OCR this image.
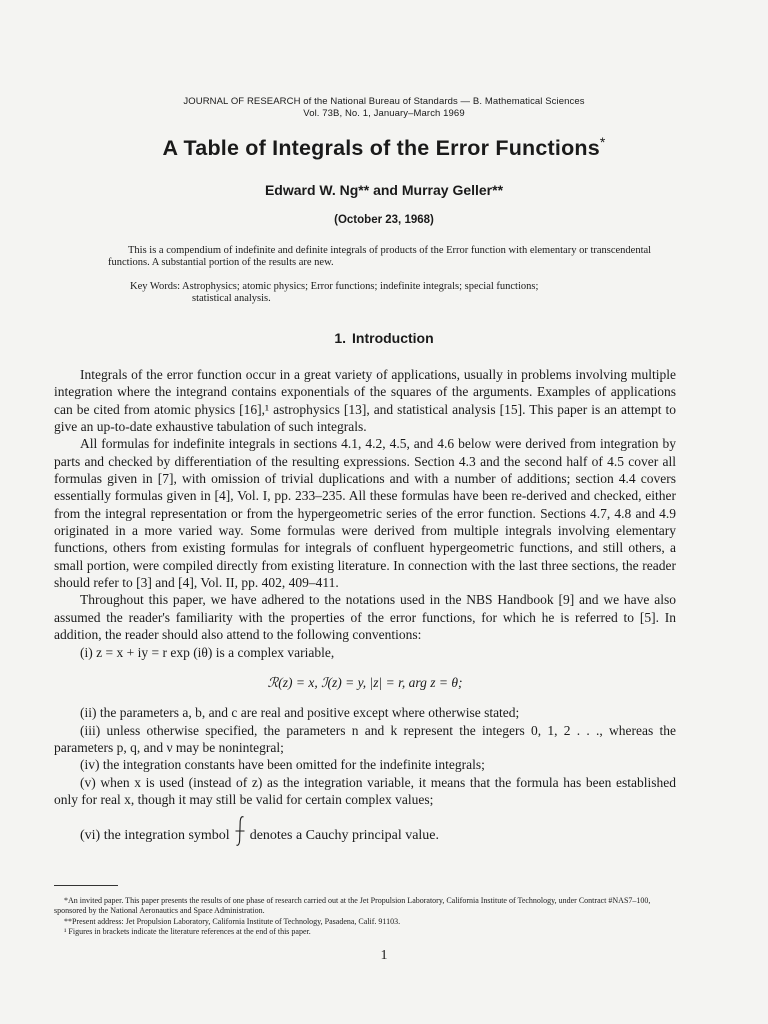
JOURNAL OF RESEARCH of the National Bureau of Standards — B. Mathematical Sciences
Vol. 73B, No. 1, January–March 1969
A Table of Integrals of the Error Functions*
Edward W. Ng** and Murray Geller**
(October 23, 1968)

This is a compendium of indefinite and definite integrals of products of the Error function with elementary or transcendental functions. A substantial portion of the results are new.

Key Words: Astrophysics; atomic physics; Error functions; indefinite integrals; special functions;
statistical analysis.
1. Introduction

Integrals of the error function occur in a great variety of applications, usually in problems involving multiple integration where the integrand contains exponentials of the squares of the arguments. Examples of applications can be cited from atomic physics [16],¹ astrophysics [13], and statistical analysis [15]. This paper is an attempt to give an up-to-date exhaustive tabulation of such integrals.

All formulas for indefinite integrals in sections 4.1, 4.2, 4.5, and 4.6 below were derived from integration by parts and checked by differentiation of the resulting expressions. Section 4.3 and the second half of 4.5 cover all formulas given in [7], with omission of trivial duplications and with a number of additions; section 4.4 covers essentially formulas given in [4], Vol. I, pp. 233–235. All these formulas have been re-derived and checked, either from the integral representation or from the hypergeometric series of the error function. Sections 4.7, 4.8 and 4.9 originated in a more varied way. Some formulas were derived from multiple integrals involving elementary functions, others from existing formulas for integrals of confluent hypergeometric functions, and still others, a small portion, were compiled directly from existing literature. In connection with the last three sections, the reader should refer to [3] and [4], Vol. II, pp. 402, 409–411.

Throughout this paper, we have adhered to the notations used in the NBS Handbook [9] and we have also assumed the reader's familiarity with the properties of the error functions, for which he is referred to [5]. In addition, the reader should also attend to the following conventions:

(i) z = x + iy = r exp (iθ) is a complex variable,

ℛ(z) = x, ℐ(z) = y, |z| = r, arg z = θ;

(ii) the parameters a, b, and c are real and positive except where otherwise stated;

(iii) unless otherwise specified, the parameters n and k represent the integers 0, 1, 2 . . ., whereas the parameters p, q, and ν may be nonintegral;

(iv) the integration constants have been omitted for the indefinite integrals;

(v) when x is used (instead of z) as the integration variable, it means that the formula has been established only for real x, though it may still be valid for certain complex values;

(vi) the integration symbol denotes a Cauchy principal value.

*An invited paper. This paper presents the results of one phase of research carried out at the Jet Propulsion Laboratory, California Institute of Technology, under Contract #NAS7–100, sponsored by the National Aeronautics and Space Administration.

**Present address: Jet Propulsion Laboratory, California Institute of Technology, Pasadena, Calif. 91103.

¹ Figures in brackets indicate the literature references at the end of this paper.

1
